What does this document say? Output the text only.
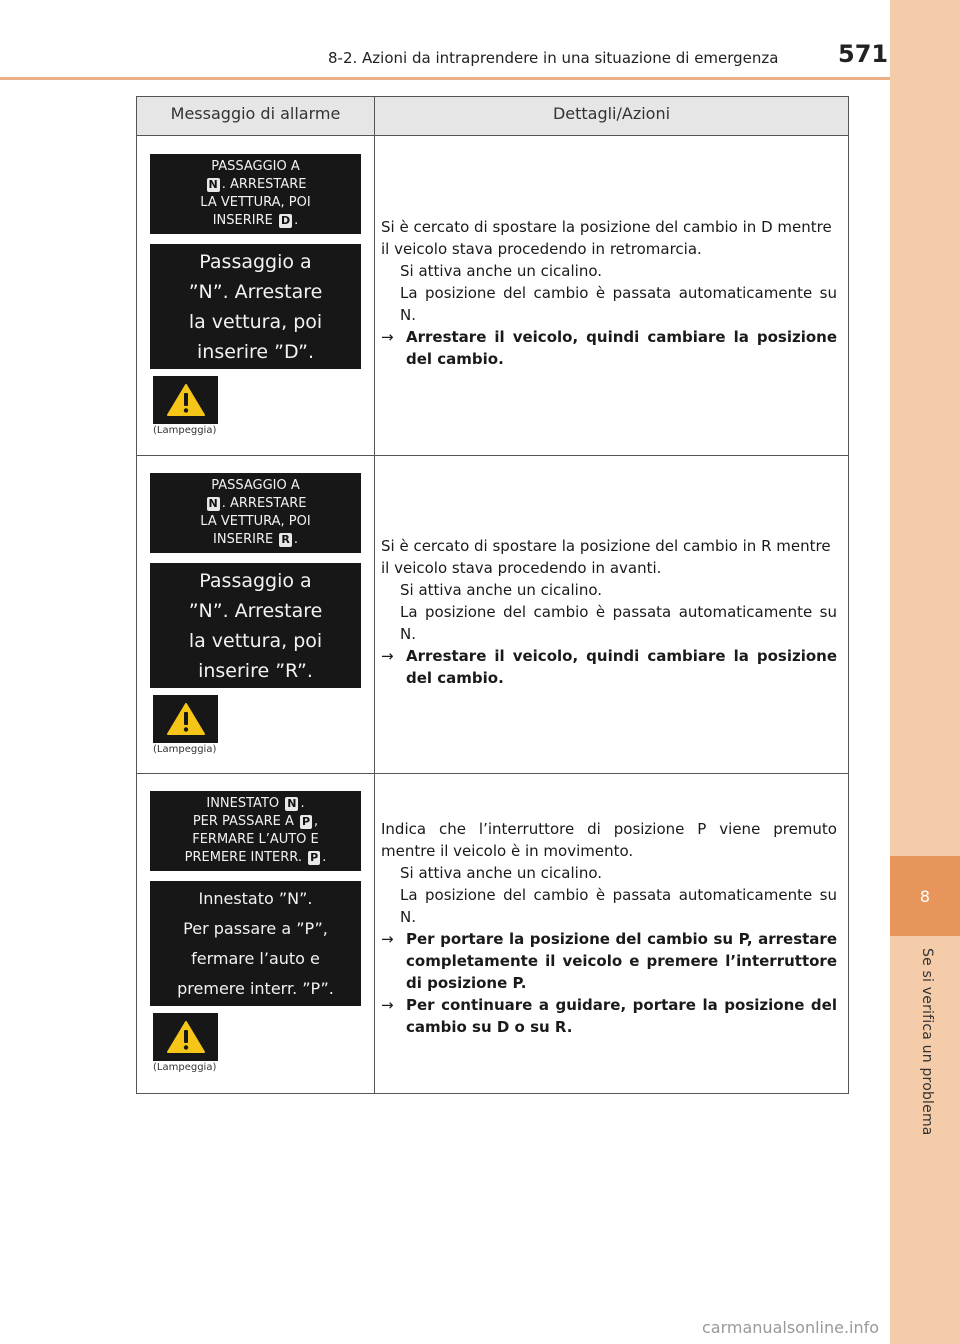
8
Se si verifica un problema
8-2. Azioni da intraprendere in una situazione di emergenza 571
Messaggio di allarme	Dettagli/Azioni
PASSAGGIO A
N . ARRESTARE
LA VETTURA, POI
INSERIRE D .
Passaggio a
”N”. Arrestare
la vettura, poi
inserire ”D”.
(Lampeggia)

Si è cercato di spostare la posizione del cambio in D mentre il veicolo stava procedendo in retromarcia.

Si attiva anche un cicalino.

La posizione del cambio è passata automaticamente su N.

→ Arrestare il veicolo, quindi cambiare la posizione del cambio.
PASSAGGIO A
N . ARRESTARE
LA VETTURA, POI
INSERIRE R .
Passaggio a
”N”. Arrestare
la vettura, poi
inserire ”R”.
(Lampeggia)

Si è cercato di spostare la posizione del cambio in R mentre il veicolo stava procedendo in avanti.

Si attiva anche un cicalino.

La posizione del cambio è passata automaticamente su N.

→ Arrestare il veicolo, quindi cambiare la posizione del cambio.
INNESTATO N .
PER PASSARE A P ,
FERMARE L’AUTO E
PREMERE INTERR. P .
Innestato ”N”.
Per passare a ”P”,
fermare l’auto e
premere interr. ”P”.
(Lampeggia)

Indica che l’interruttore di posizione P viene premuto mentre il veicolo è in movimento.

Si attiva anche un cicalino.

La posizione del cambio è passata automaticamente su N.

→ Per portare la posizione del cambio su P, arrestare completamente il veicolo e premere l’interruttore di posizione P.
→ Per continuare a guidare, portare la posizione del cambio su D o su R.
carmanualsonline.info
